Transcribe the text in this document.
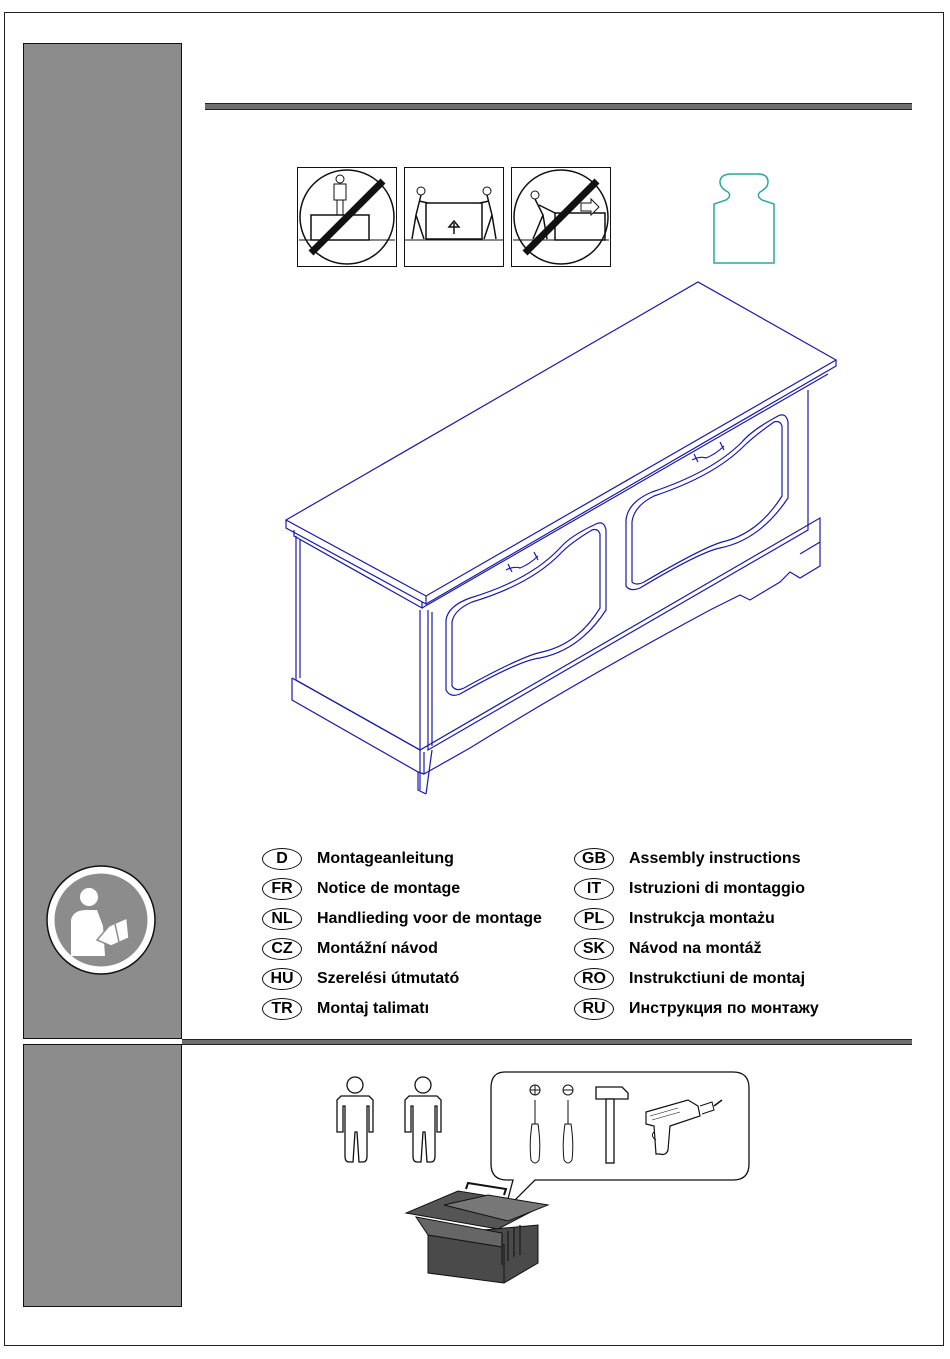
D	Montageanleitung
FR	Notice de montage
NL	Handlieding voor de montage
CZ	Montážní návod
HU	Szerelési útmutató
TR	Montaj talimatı
GB	Assembly instructions
IT	Istruzioni di montaggio
PL	Instrukcja montażu
SK	Návod na montáž
RO	Instrukctiuni de montaj
RU	Инструкция по монтажу
